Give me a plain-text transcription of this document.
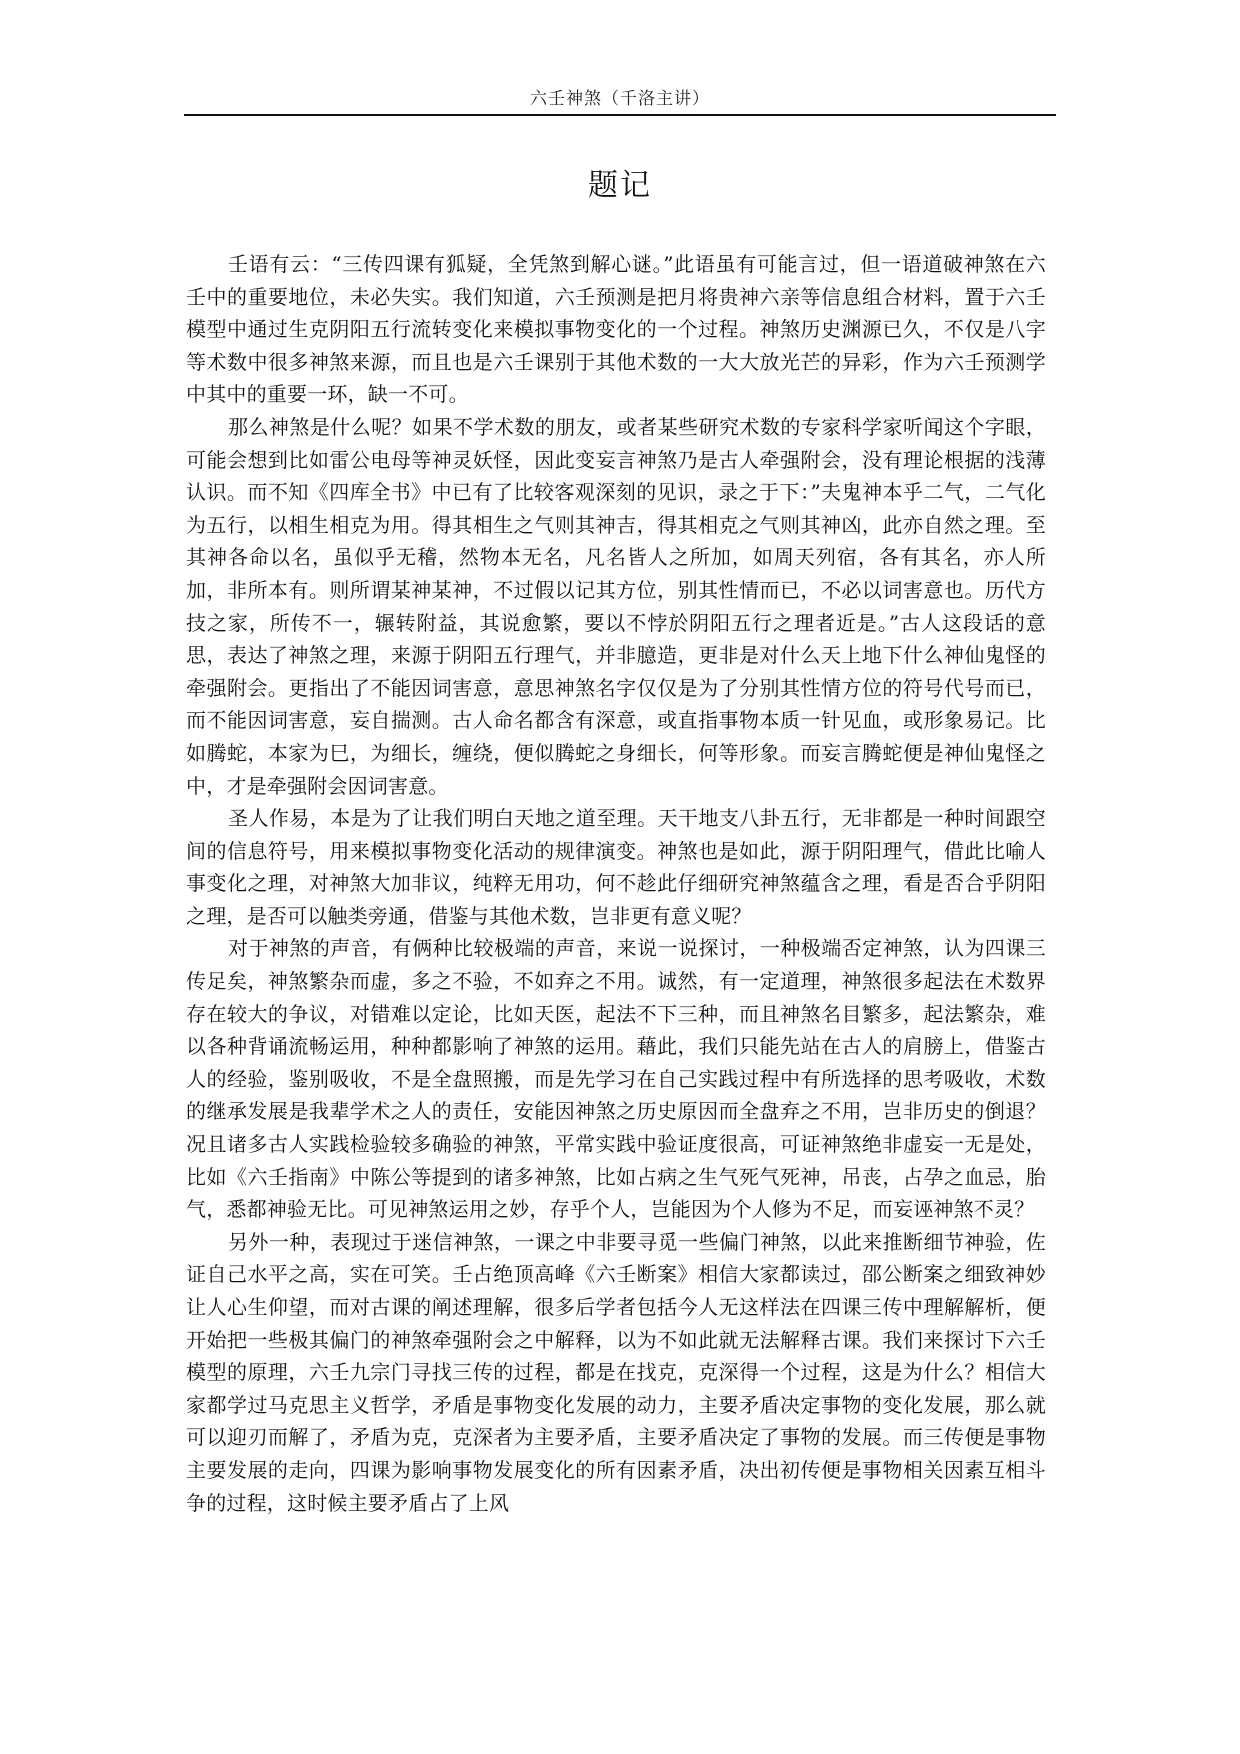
六壬神煞（千洛主讲）
题记

壬语有云：“三传四课有狐疑，全凭煞到解心谜。”此语虽有可能言过，但一语道破神煞在六壬中的重要地位，未必失实。我们知道，六壬预测是把月将贵神六亲等信息组合材料，置于六壬模型中通过生克阴阳五行流转变化来模拟事物变化的一个过程。神煞历史渊源已久，不仅是八字等术数中很多神煞来源，而且也是六壬课别于其他术数的一大大放光芒的异彩，作为六壬预测学中其中的重要一环，缺一不可。

那么神煞是什么呢？如果不学术数的朋友，或者某些研究术数的专家科学家听闻这个字眼，可能会想到比如雷公电母等神灵妖怪，因此变妄言神煞乃是古人牵强附会，没有理论根据的浅薄认识。而不知《四库全书》中已有了比较客观深刻的见识，录之于下：”夫鬼神本乎二气，二气化为五行，以相生相克为用。得其相生之气则其神吉，得其相克之气则其神凶，此亦自然之理。至其神各命以名，虽似乎无稽，然物本无名，凡名皆人之所加，如周天列宿，各有其名，亦人所加，非所本有。则所谓某神某神，不过假以记其方位，别其性情而已，不必以词害意也。历代方技之家，所传不一，辗转附益，其说愈繁，要以不悖於阴阳五行之理者近是。”古人这段话的意思，表达了神煞之理，来源于阴阳五行理气，并非臆造，更非是对什么天上地下什么神仙鬼怪的牵强附会。更指出了不能因词害意，意思神煞名字仅仅是为了分别其性情方位的符号代号而已，而不能因词害意，妄自揣测。古人命名都含有深意，或直指事物本质一针见血，或形象易记。比如腾蛇，本家为巳，为细长，缠绕，便似腾蛇之身细长，何等形象。而妄言腾蛇便是神仙鬼怪之中，才是牵强附会因词害意。

圣人作易，本是为了让我们明白天地之道至理。天干地支八卦五行，无非都是一种时间跟空间的信息符号，用来模拟事物变化活动的规律演变。神煞也是如此，源于阴阳理气，借此比喻人事变化之理，对神煞大加非议，纯粹无用功，何不趁此仔细研究神煞蕴含之理，看是否合乎阴阳之理，是否可以触类旁通，借鉴与其他术数，岂非更有意义呢？

对于神煞的声音，有俩种比较极端的声音，来说一说探讨，一种极端否定神煞，认为四课三传足矣，神煞繁杂而虚，多之不验，不如弃之不用。诚然，有一定道理，神煞很多起法在术数界存在较大的争议，对错难以定论，比如天医，起法不下三种，而且神煞名目繁多，起法繁杂，难以各种背诵流畅运用，种种都影响了神煞的运用。藉此，我们只能先站在古人的肩膀上，借鉴古人的经验，鉴别吸收，不是全盘照搬，而是先学习在自己实践过程中有所选择的思考吸收，术数的继承发展是我辈学术之人的责任，安能因神煞之历史原因而全盘弃之不用，岂非历史的倒退？况且诸多古人实践检验较多确验的神煞，平常实践中验证度很高，可证神煞绝非虚妄一无是处，比如《六壬指南》中陈公等提到的诸多神煞，比如占病之生气死气死神，吊丧，占孕之血忌，胎气，悉都神验无比。可见神煞运用之妙，存乎个人，岂能因为个人修为不足，而妄诬神煞不灵？

另外一种，表现过于迷信神煞，一课之中非要寻觅一些偏门神煞，以此来推断细节神验，佐证自己水平之高，实在可笑。壬占绝顶高峰《六壬断案》相信大家都读过，邵公断案之细致神妙让人心生仰望，而对古课的阐述理解，很多后学者包括今人无这样法在四课三传中理解解析，便开始把一些极其偏门的神煞牵强附会之中解释，以为不如此就无法解释古课。我们来探讨下六壬模型的原理，六壬九宗门寻找三传的过程，都是在找克，克深得一个过程，这是为什么？相信大家都学过马克思主义哲学，矛盾是事物变化发展的动力，主要矛盾决定事物的变化发展，那么就可以迎刃而解了，矛盾为克，克深者为主要矛盾，主要矛盾决定了事物的发展。而三传便是事物主要发展的走向，四课为影响事物发展变化的所有因素矛盾，决出初传便是事物相关因素互相斗争的过程，这时候主要矛盾占了上风
